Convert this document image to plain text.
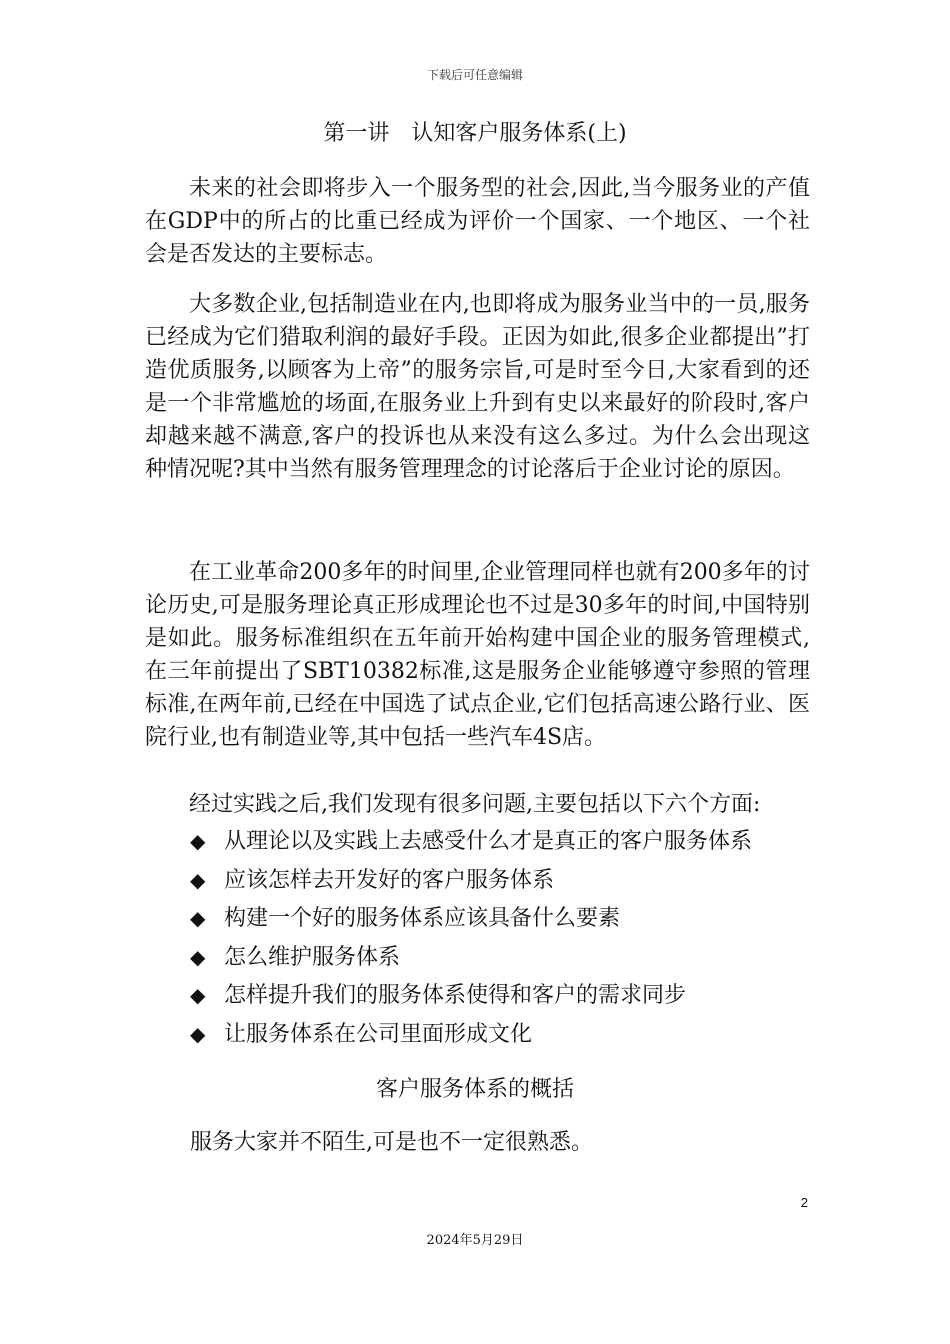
下载后可任意编辑
第一讲　认知客户服务体系(上)

未来的社会即将步入一个服务型的社会,因此,当今服务业的产值在GDP中的所占的比重已经成为评价一个国家、一个地区、一个社会是否发达的主要标志。

大多数企业,包括制造业在内,也即将成为服务业当中的一员,服务已经成为它们猎取利润的最好手段。正因为如此,很多企业都提出”打造优质服务,以顾客为上帝”的服务宗旨,可是时至今日,大家看到的还是一个非常尴尬的场面,在服务业上升到有史以来最好的阶段时,客户却越来越不满意,客户的投诉也从来没有这么多过。为什么会出现这种情况呢?其中当然有服务管理理念的讨论落后于企业讨论的原因。

在工业革命200多年的时间里,企业管理同样也就有200多年的讨论历史,可是服务理论真正形成理论也不过是30多年的时间,中国特别是如此。服务标准组织在五年前开始构建中国企业的服务管理模式,在三年前提出了SBT10382标准,这是服务企业能够遵守参照的管理标准,在两年前,已经在中国选了试点企业,它们包括高速公路行业、医院行业,也有制造业等,其中包括一些汽车4S店。

经过实践之后,我们发现有很多问题,主要包括以下六个方面:

◆ 从理论以及实践上去感受什么才是真正的客户服务体系
◆ 应该怎样去开发好的客户服务体系
◆ 构建一个好的服务体系应该具备什么要素
◆ 怎么维护服务体系
◆ 怎样提升我们的服务体系使得和客户的需求同步
◆ 让服务体系在公司里面形成文化
客户服务体系的概括

服务大家并不陌生,可是也不一定很熟悉。

2
2024年5月29日
